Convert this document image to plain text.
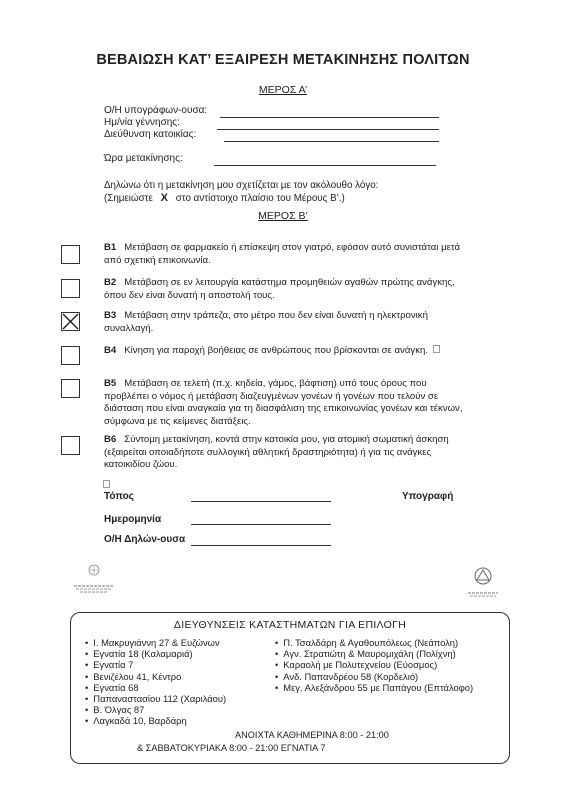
ΒΕΒΑΙΩΣΗ ΚΑΤ’ ΕΞΑΙΡΕΣΗ ΜΕΤΑΚΙΝΗΣΗΣ ΠΟΛΙΤΩΝ
ΜΕΡΟΣ Α’
Ο/Η υπογράφων-ουσα:
Ημ/νία γέννησης:
Διεύθυνση κατοικίας:
Ώρα μετακίνησης:
Δηλώνω ότι η μετακίνηση μου σχετίζεται με τον ακόλουθο λόγο:
(Σημειώστε X στο αντίστοιχο πλαίσιο του Μέρους Β’.)
ΜΕΡΟΣ Β’
B1 Μετάβαση σε φαρμακείο ή επίσκεψη στον γιατρό, εφόσον αυτό συνιστάται μετά από σχετική επικοινωνία.
B2 Μετάβαση σε εν λειτουργία κατάστημα προμηθειών αγαθών πρώτης ανάγκης, όπου δεν είναι δυνατή η αποστολή τους.
B3 Μετάβαση στην τράπεζα, στο μέτρο που δεν είναι δυνατή η ηλεκτρονική συναλλαγή.
B4 Κίνηση για παροχή βοήθειας σε ανθρώπους που βρίσκονται σε ανάγκη.
B5 Μετάβαση σε τελετή (π.χ. κηδεία, γάμος, βάφτιση) υπό τους όρους που προβλέπει ο νόμος ή μετάβαση διαζευγμένων γονέων ή γονέων που τελούν σε διάσταση που είναι αναγκαία για τη διασφάλιση της επικοινωνίας γονέων και τέκνων, σύμφωνα με τις κείμενες διατάξεις.
B6 Σύντομη μετακίνηση, κοντά στην κατοικία μου, για ατομική σωματική άσκηση (εξαιρείται οποιαδήποτε συλλογική αθλητική δραστηριότητα) ή για τις ανάγκες κατοικιδίου ζώου.
Τόπος	Υπογραφή
Ημερομηνία
Ο/Η Δηλών-ουσα
ΔΙΕΥΘΥΝΣΕΙΣ ΚΑΤΑΣΤΗΜΑΤΩΝ ΓΙΑ ΕΠΙΛΟΓΗ
• Ι. Μακρυγιάννη 27 & Ευζώνων
• Εγνατία 18 (Καλαμαριά)
• Εγνατία 7
• Βενιζέλου 41, Κέντρο
• Εγνατία 68
• Παπαναστασίου 112 (Χαριλάου)
• Β. Όλγας 87
• Λαγκαδά 10, Βαρδάρη
• Π. Τσαλδάρη & Αγαθουπόλεως (Νεάπολη)
• Αγν. Στρατιώτη & Μαυρομιχάλη (Πολίχνη)
• Καραολή με Πολυτεχνείου (Εύοσμος)
• Ανδ. Παπανδρέου 58 (Κορδελιό)
• Μεγ. Αλεξάνδρου 55 με Παπάγου (Επτάλοφο)
ΑΝΟΙΧΤΑ ΚΑΘΗΜΕΡΙΝΑ 8:00 - 21:00
& ΣΑΒΒΑΤΟΚΥΡΙΑΚΑ 8:00 - 21:00 ΕΓΝΑΤΙΑ 7
